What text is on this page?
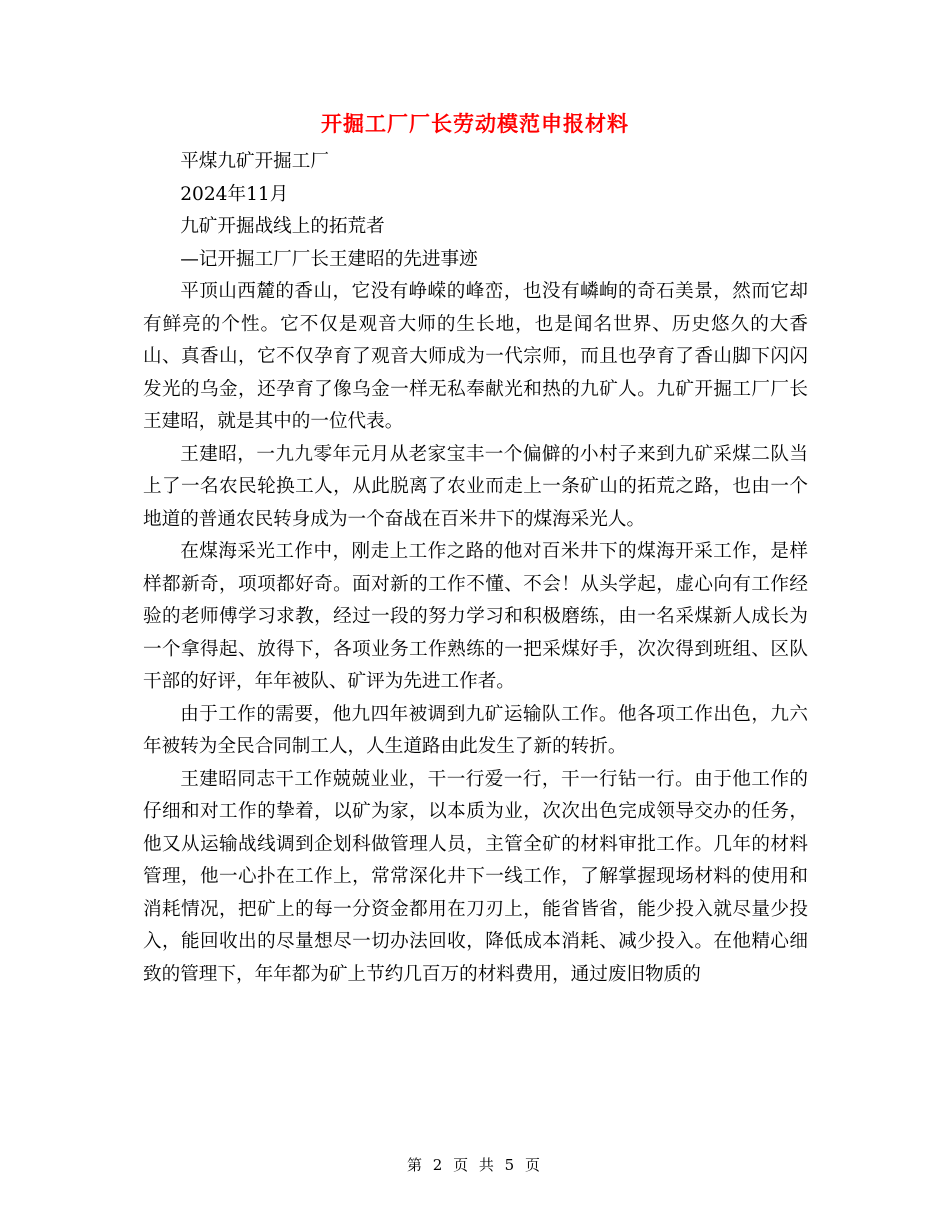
开掘工厂厂长劳动模范申报材料

平煤九矿开掘工厂

2024年11月

九矿开掘战线上的拓荒者

—记开掘工厂厂长王建昭的先进事迹

平顶山西麓的香山，它没有峥嵘的峰峦，也没有嶙峋的奇石美景，然而它却有鲜亮的个性。它不仅是观音大师的生长地，也是闻名世界、历史悠久的大香山、真香山，它不仅孕育了观音大师成为一代宗师，而且也孕育了香山脚下闪闪发光的乌金，还孕育了像乌金一样无私奉献光和热的九矿人。九矿开掘工厂厂长王建昭，就是其中的一位代表。

王建昭，一九九零年元月从老家宝丰一个偏僻的小村子来到九矿采煤二队当上了一名农民轮换工人，从此脱离了农业而走上一条矿山的拓荒之路，也由一个地道的普通农民转身成为一个奋战在百米井下的煤海采光人。

在煤海采光工作中，刚走上工作之路的他对百米井下的煤海开采工作，是样样都新奇，项项都好奇。面对新的工作不懂、不会！从头学起，虚心向有工作经验的老师傅学习求教，经过一段的努力学习和积极磨练，由一名采煤新人成长为一个拿得起、放得下，各项业务工作熟练的一把采煤好手，次次得到班组、区队干部的好评，年年被队、矿评为先进工作者。

由于工作的需要，他九四年被调到九矿运输队工作。他各项工作出色，九六年被转为全民合同制工人，人生道路由此发生了新的转折。

王建昭同志干工作兢兢业业，干一行爱一行，干一行钻一行。由于他工作的仔细和对工作的挚着，以矿为家，以本质为业，次次出色完成领导交办的任务，他又从运输战线调到企划科做管理人员，主管全矿的材料审批工作。几年的材料管理，他一心扑在工作上，常常深化井下一线工作，了解掌握现场材料的使用和消耗情况，把矿上的每一分资金都用在刀刃上，能省皆省，能少投入就尽量少投入，能回收出的尽量想尽一切办法回收，降低成本消耗、减少投入。在他精心细致的管理下，年年都为矿上节约几百万的材料费用，通过废旧物质的

第 2 页 共 5 页
